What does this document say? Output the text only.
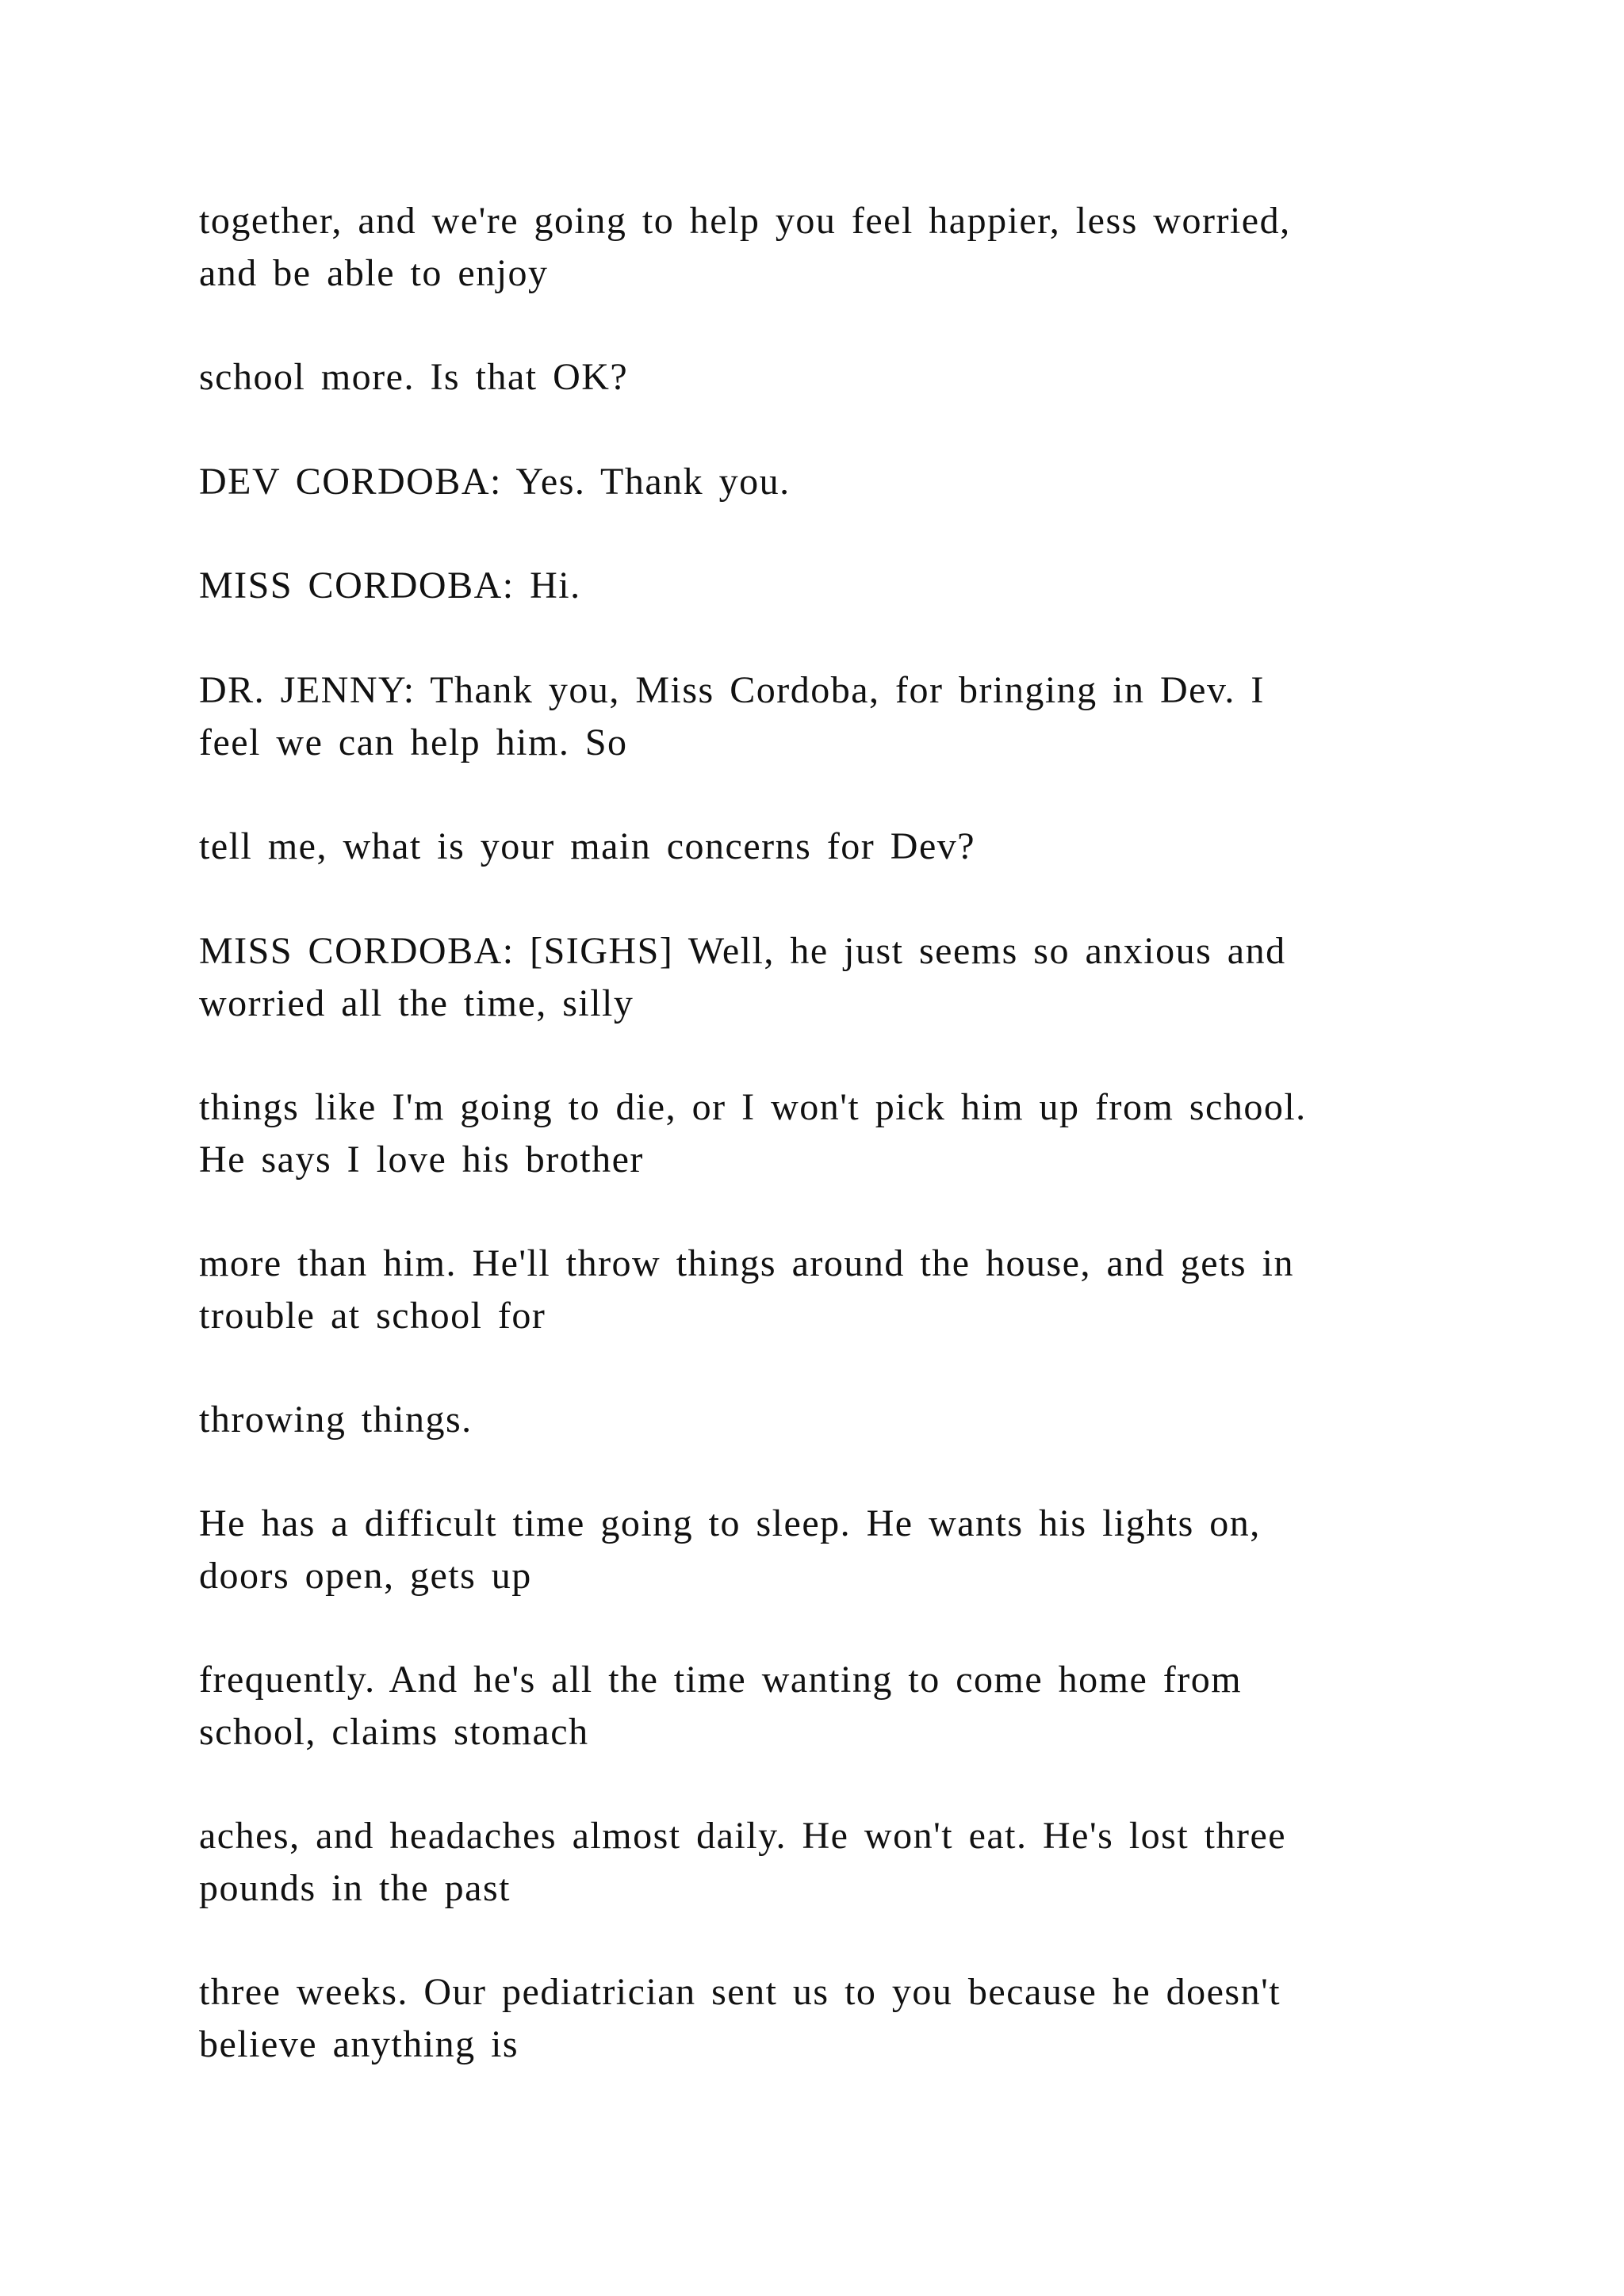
together, and we're going to help you feel happier, less worried,
and be able to enjoy

school more. Is that OK?

DEV CORDOBA: Yes. Thank you.

MISS CORDOBA: Hi.

DR. JENNY: Thank you, Miss Cordoba, for bringing in Dev. I
feel we can help him. So

tell me, what is your main concerns for Dev?

MISS CORDOBA: [SIGHS] Well, he just seems so anxious and
worried all the time, silly

things like I'm going to die, or I won't pick him up from school.
He says I love his brother

more than him. He'll throw things around the house, and gets in
trouble at school for

throwing things.

He has a difficult time going to sleep. He wants his lights on,
doors open, gets up

frequently. And he's all the time wanting to come home from
school, claims stomach

aches, and headaches almost daily. He won't eat. He's lost three
pounds in the past

three weeks. Our pediatrician sent us to you because he doesn't
believe anything is
